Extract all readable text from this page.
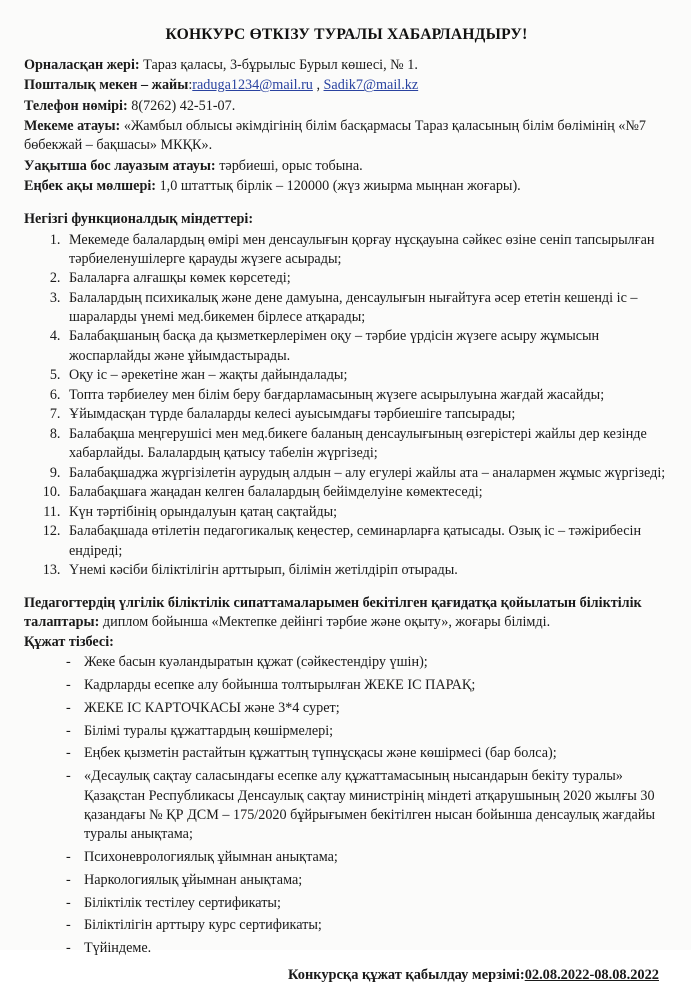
КОНКУРС ӨТКІЗУ ТУРАЛЫ ХАБАРЛАНДЫРУ!
Орналасқан жері: Тараз қаласы, 3-бұрылыс Бурыл көшесі, № 1.
Пошталық мекен – жайы:raduga1234@mail.ru , Sadik7@mail.kz
Телефон нөмірі: 8(7262) 42-51-07.
Мекеме атауы: «Жамбыл облысы әкімдігінің білім басқармасы Тараз қаласының білім бөлімінің «№7 бөбекжай – бақшасы» МКҚК».
Уақытша бос лауазым атауы: тәрбиеші, орыс тобына.
Еңбек ақы мөлшері: 1,0 штаттық бірлік – 120000 (жүз жиырма мыңнан жоғары).
Негізгі функционалдық міндеттері:
1. Мекемеде балалардың өмірі мен денсаулығын қорғау нұсқауына сәйкес өзіне сеніп тапсырылған тәрбиеленушілерге қарауды жүзеге асырады;
2. Балаларға алғашқы көмек көрсетеді;
3. Балалардың психикалық және дене дамуына, денсаулығын нығайтуға әсер ететін кешенді іс – шараларды үнемі мед.бикемен бірлесе атқарады;
4. Балабақшаның басқа да қызметкерлерімен оқу – тәрбие үрдісін жүзеге асыру жұмысын жоспарлайды және ұйымдастырады.
5. Оқу іс – әрекетіне жан – жақты дайындалады;
6. Топта тәрбиелеу мен білім беру бағдарламасының жүзеге асырылуына жағдай жасайды;
7. Ұйымдасқан түрде балаларды келесі ауысымдағы тәрбиешіге тапсырады;
8. Балабақша меңгерушісі мен мед.бикеге баланың денсаулығының өзгерістері жайлы дер кезінде хабарлайды. Балалардың қатысу табелін жүргізеді;
9. Балабақшаджа жүргізілетін аурудың алдын – алу егулері жайлы ата – аналармен жұмыс жүргізеді;
10. Балабақшаға жаңадан келген балалардың бейімделуіне көмектеседі;
11. Күн тәртібінің орындалуын қатаң сақтайды;
12. Балабақшада өтілетін педагогикалық кеңестер, семинарларға қатысады. Озық іс – тәжірибесін ендіреді;
13. Үнемі кәсіби біліктілігін арттырып, білімін жетілдіріп отырады.
Педагогтердің үлгілік біліктілік сипаттамаларымен бекітілген қағидатқа қойылатын біліктілік талаптары: диплом бойынша «Мектепке дейінгі тәрбие және оқыту», жоғары білімді.
Құжат тізбесі:
- Жеке басын куәландыратын құжат (сәйкестендіру үшін);
- Кадрларды есепке алу бойынша толтырылған ЖЕКЕ ІС ПАРАҚ;
- ЖЕКЕ ІС КАРТОЧКАСЫ және 3*4 сурет;
- Білімі туралы құжаттардың көшірмелері;
- Еңбек қызметін растайтын құжаттың түпнұсқасы және көшірмесі (бар болса);
- «Десаулық сақтау саласындағы есепке алу құжаттамасының нысандарын бекіту туралы» Қазақстан Республикасы Денсаулық сақтау министрінің міндеті атқарушының 2020 жылғы 30 қазандағы № ҚР ДСМ – 175/2020 бұйрығымен бекітілген нысан бойынша денсаулық жағдайы туралы анықтама;
- Психоневрологиялық ұйымнан анықтама;
- Наркологиялық ұйымнан анықтама;
- Біліктілік тестілеу сертификаты;
- Біліктілігін арттыру курс сертификаты;
- Түйіндеме.
Конкурсқа құжат қабылдау мерзімі:02.08.2022-08.08.2022
